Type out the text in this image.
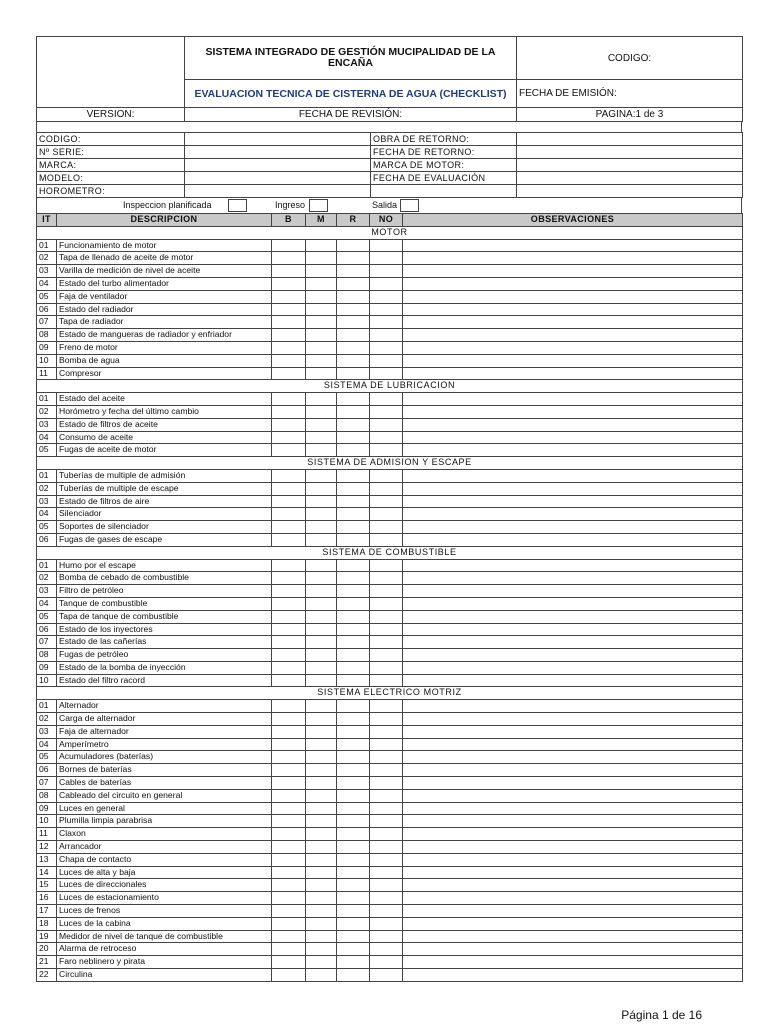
	SISTEMA INTEGRADO DE GESTIÓN MUCIPALIDAD DE LA ENCAÑA	CODIGO:
	EVALUACION TECNICA DE CISTERNA DE AGUA (CHECKLIST)	FECHA DE EMISIÓN:
VERSION:	FECHA DE REVISIÓN:	PAGINA:1 de 3
CODIGO:		OBRA DE RETORNO:	
Nº SERIE:		FECHA DE RETORNO:	
MARCA:		MARCA DE MOTOR:	
MODELO:		FECHA DE EVALUACIÓN	
HOROMETRO:			
Inspeccion planificada	Ingreso	Salida
IT	DESCRIPCION	B	M	R	NO	OBSERVACIONES
MOTOR						
01	Funcionamiento de motor					
02	Tapa de llenado de aceite de motor					
03	Varilla de medición de nivel de aceite					
04	Estado del turbo alimentador					
05	Faja de ventilador					
06	Estado del radiador					
07	Tapa de radiador					
08	Estado de mangueras de radiador y enfriador					
09	Freno de motor					
10	Bomba de agua					
11	Compresor					
SISTEMA DE LUBRICACION						
01	Estado del aceite					
02	Horómetro y fecha del último cambio					
03	Estado de filtros de aceite					
04	Consumo de aceite					
05	Fugas de aceite de motor					
SISTEMA DE ADMISION Y ESCAPE						
01	Tuberías de multiple de admisión					
02	Tuberías de multiple de escape					
03	Estado de filtros de aire					
04	Silenciador					
05	Soportes de silenciador					
06	Fugas de gases de escape					
SISTEMA DE COMBUSTIBLE						
01	Humo por el escape					
02	Bomba de cebado de combustible					
03	Filtro de petróleo					
04	Tanque de combustible					
05	Tapa de tanque de combustible					
06	Estado de los inyectores					
07	Estado de las cañerías					
08	Fugas de petróleo					
09	Estado de la bomba de inyección					
10	Estado del filtro racord					
SISTEMA ELECTRICO MOTRIZ						
01	Alternador					
02	Carga de alternador					
03	Faja de alternador					
04	Amperímetro					
05	Acumuladores (baterías)					
06	Bornes de baterías					
07	Cables de baterías					
08	Cableado del circuito en general					
09	Luces en general					
10	Plumilla limpia parabrisa					
11	Claxon					
12	Arrancador					
13	Chapa de contacto					
14	Luces de alta y baja					
15	Luces de direccionales					
16	Luces de estacionamiento					
17	Luces de frenos					
18	Luces de la cabina					
19	Medidor de nivel de tanque de combustible					
20	Alarma de retroceso					
21	Faro neblinero y pirata					
22	Circulina					
Página 1 de 16
